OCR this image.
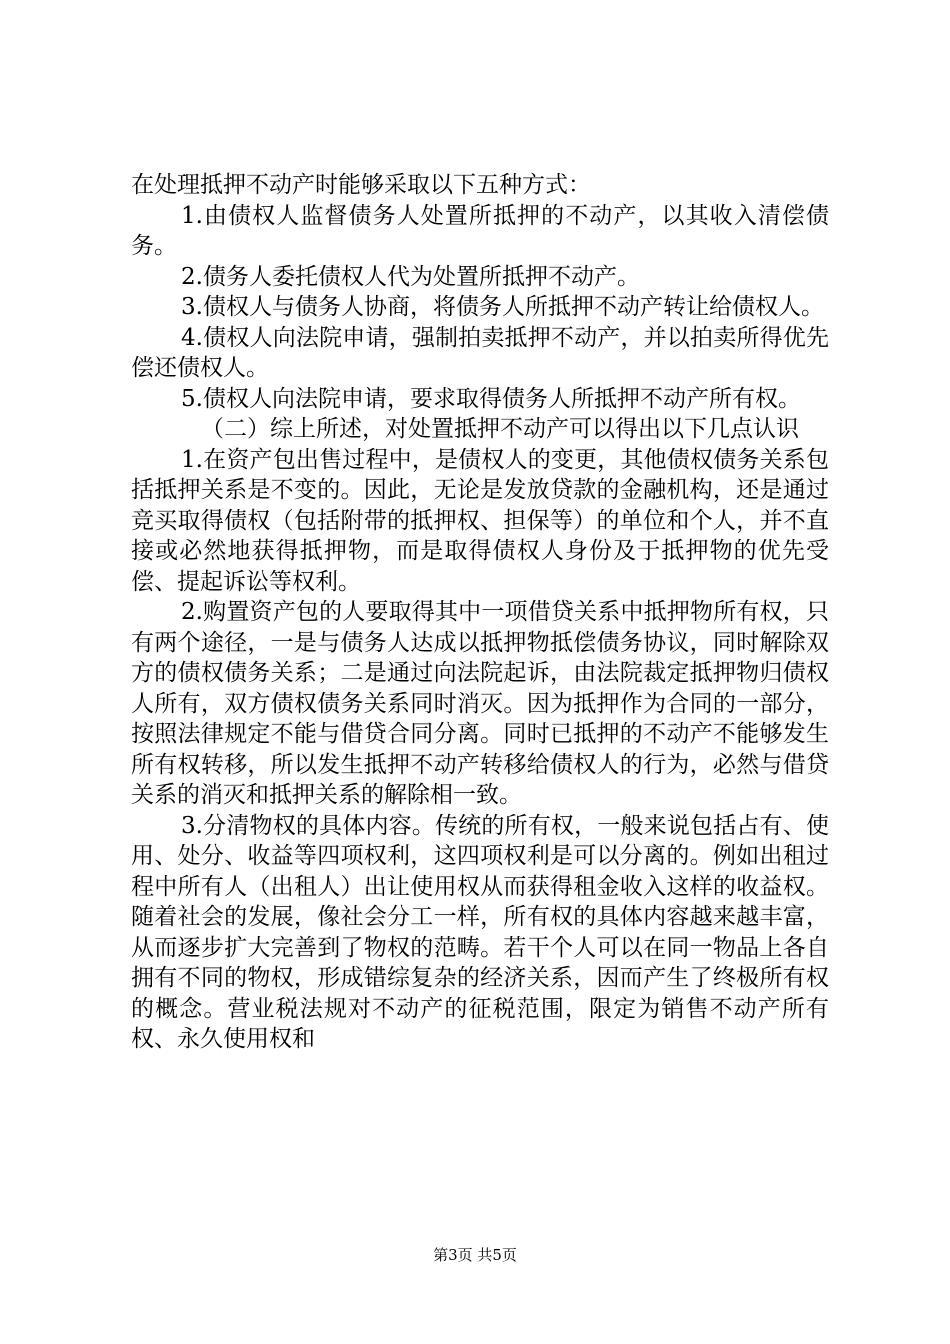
在处理抵押不动产时能够采取以下五种方式：

1.由债权人监督债务人处置所抵押的不动产，以其收入清偿债务。

2.债务人委托债权人代为处置所抵押不动产。

3.债权人与债务人协商，将债务人所抵押不动产转让给债权人。

4.债权人向法院申请，强制拍卖抵押不动产，并以拍卖所得优先偿还债权人。

5.债权人向法院申请，要求取得债务人所抵押不动产所有权。

（二）综上所述，对处置抵押不动产可以得出以下几点认识

1.在资产包出售过程中，是债权人的变更，其他债权债务关系包括抵押关系是不变的。因此，无论是发放贷款的金融机构，还是通过竞买取得债权（包括附带的抵押权、担保等）的单位和个人，并不直接或必然地获得抵押物，而是取得债权人身份及于抵押物的优先受偿、提起诉讼等权利。

2.购置资产包的人要取得其中一项借贷关系中抵押物所有权，只有两个途径，一是与债务人达成以抵押物抵偿债务协议，同时解除双方的债权债务关系；二是通过向法院起诉，由法院裁定抵押物归债权人所有，双方债权债务关系同时消灭。因为抵押作为合同的一部分，按照法律规定不能与借贷合同分离。同时已抵押的不动产不能够发生所有权转移，所以发生抵押不动产转移给债权人的行为，必然与借贷关系的消灭和抵押关系的解除相一致。

3.分清物权的具体内容。传统的所有权，一般来说包括占有、使用、处分、收益等四项权利，这四项权利是可以分离的。例如出租过程中所有人（出租人）出让使用权从而获得租金收入这样的收益权。随着社会的发展，像社会分工一样，所有权的具体内容越来越丰富，从而逐步扩大完善到了物权的范畴。若干个人可以在同一物品上各自拥有不同的物权，形成错综复杂的经济关系，因而产生了终极所有权的概念。营业税法规对不动产的征税范围，限定为销售不动产所有权、永久使用权和

第3页 共5页
